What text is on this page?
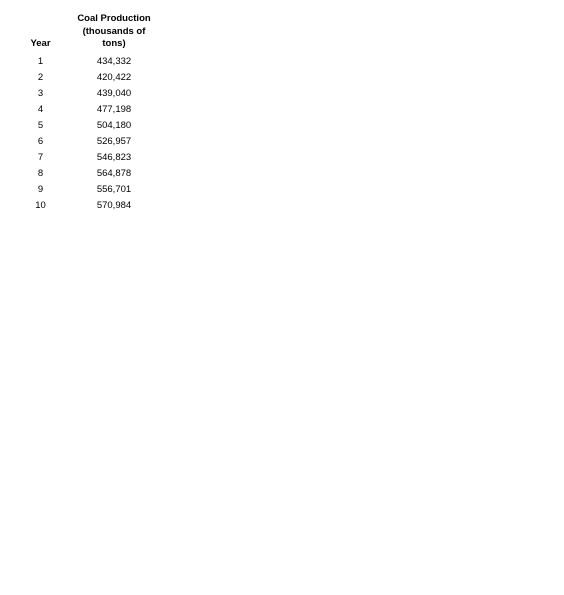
Year	Coal Production
(thousands of
tons)
1	434,332
2	420,422
3	439,040
4	477,198
5	504,180
6	526,957
7	546,823
8	564,878
9	556,701
10	570,984
